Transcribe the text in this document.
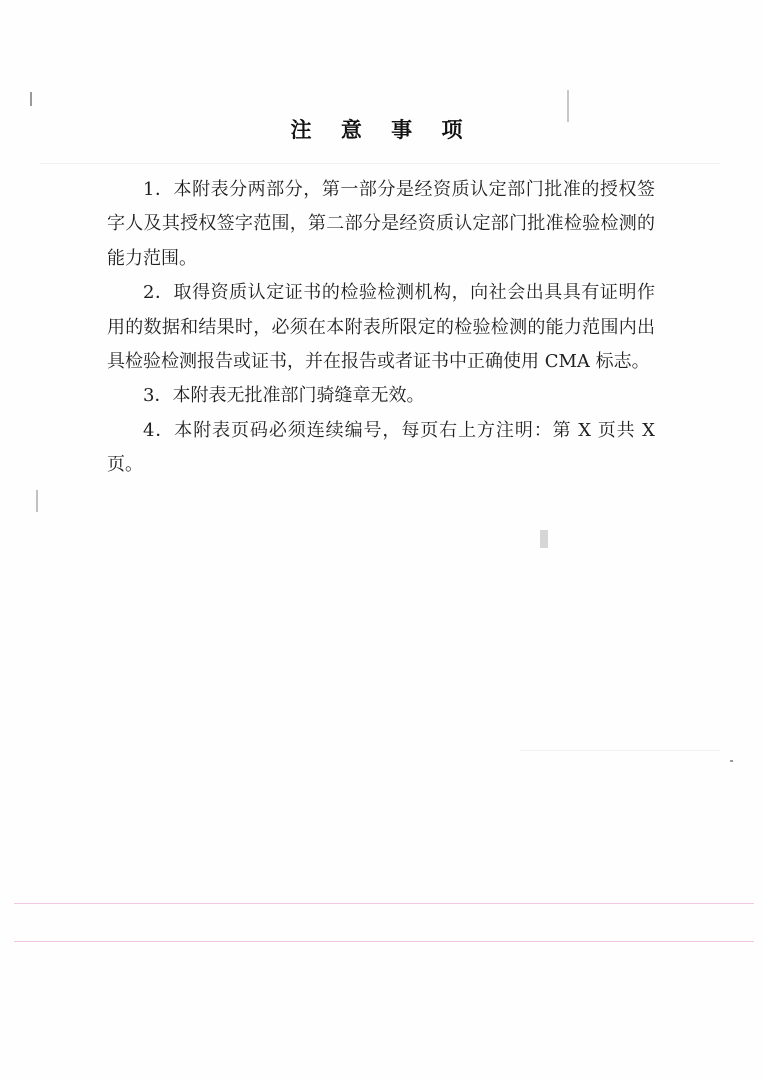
注 意 事 项

1．本附表分两部分，第一部分是经资质认定部门批准的授权签字人及其授权签字范围，第二部分是经资质认定部门批准检验检测的能力范围。

2．取得资质认定证书的检验检测机构，向社会出具具有证明作用的数据和结果时，必须在本附表所限定的检验检测的能力范围内出具检验检测报告或证书，并在报告或者证书中正确使用 CMA 标志。

3．本附表无批准部门骑缝章无效。

4．本附表页码必须连续编号，每页右上方注明：第 X 页共 X 页。
